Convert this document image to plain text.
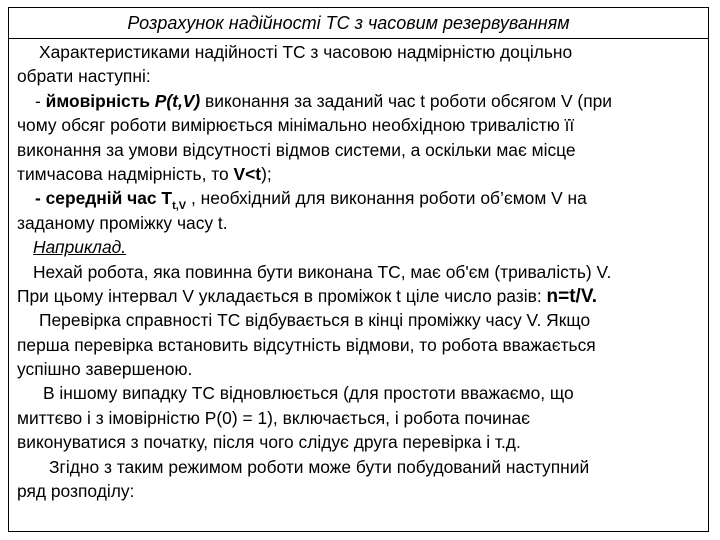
Розрахунок надійності ТС з часовим резервуванням
Характеристиками надійності ТС з часовою надмірністю доцільно
обрати наступні:
- ймовірність Р(t,V) виконання за заданий час t роботи обсягом V (при
чому обсяг роботи вимірюється мінімально необхідною тривалістю її
виконання за умови відсутності відмов системи, а оскільки має місце
тимчасова надмірність, то V<t);
- середній час $Т_{t,V}$ , необхідний для виконання роботи об’ємом V на
заданому проміжку часу t.
Наприклад.
Нехай робота, яка повинна бути виконана ТС, має об'єм (тривалість) V.
При цьому інтервал V укладається в проміжок t ціле число разів: n=t/V.
Перевірка справності ТС відбувається в кінці проміжку часу V. Якщо
перша перевірка встановить відсутність відмови, то робота вважається
успішно завершеною.
В іншому випадку ТС відновлюється (для простоти вважаємо, що
миттєво і з імовірністю Р(0) = 1), включається, і робота починає
виконуватися з початку, після чого слідує друга перевірка і т.д.
Згідно з таким режимом роботи може бути побудований наступний
ряд розподілу:
